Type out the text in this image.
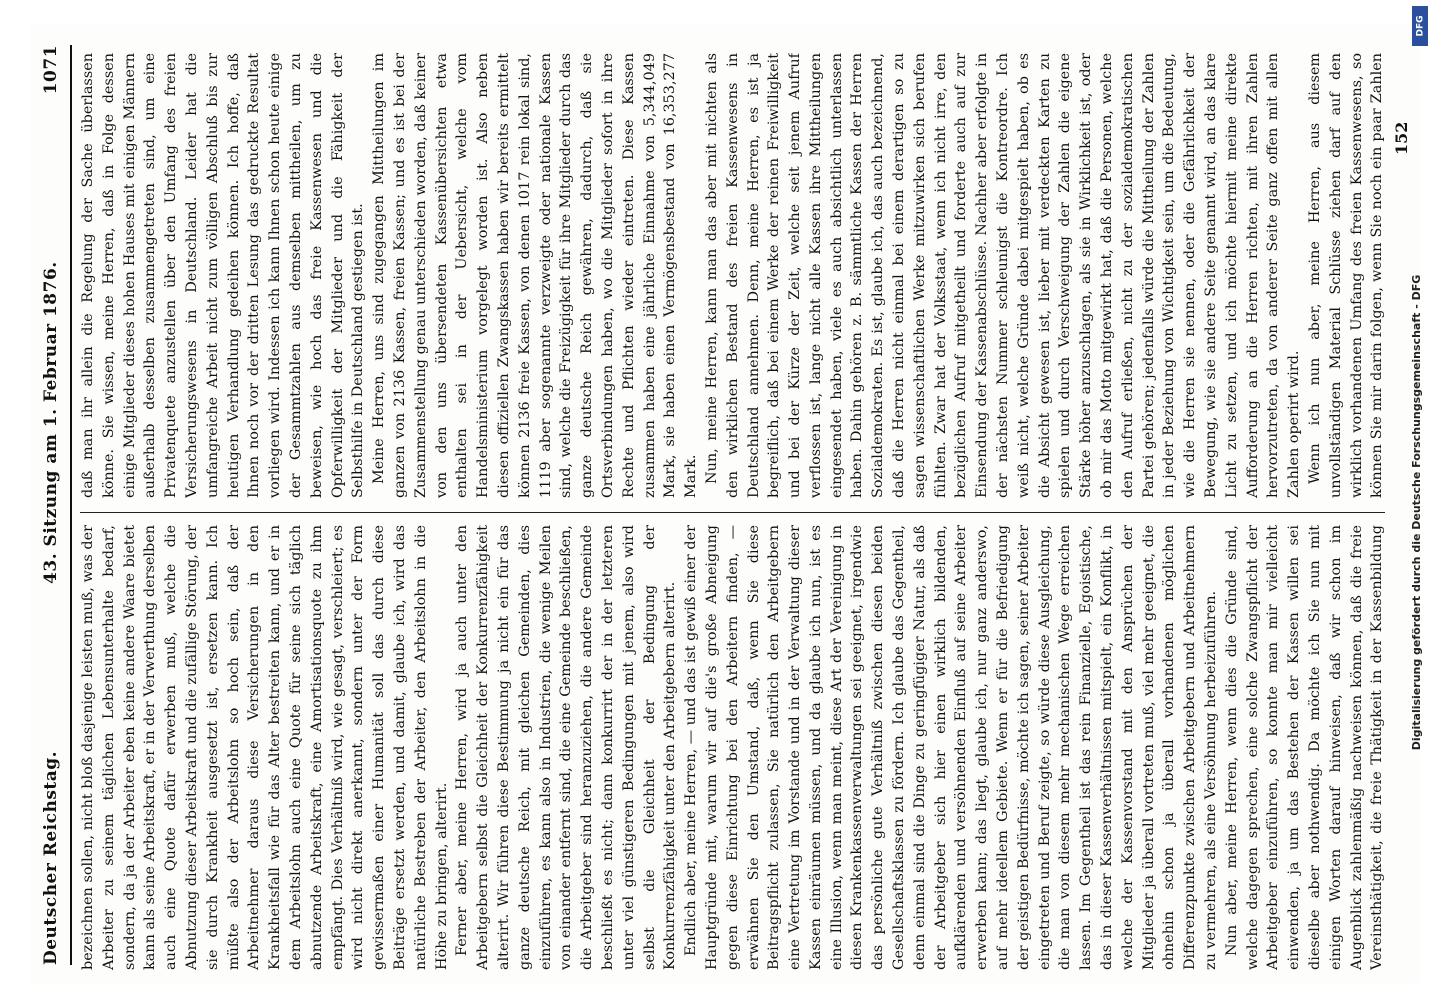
Deutscher Reichstag.
43. Sitzung am 1. Februar 1876.
1071

bezeichnen sollen, nicht bloß dasjenige leisten muß, was der Arbeiter zu seinem täglichen Lebensunterhalte bedarf, sondern, da ja der Arbeiter eben keine andere Waare bietet kann als seine Arbeitskraft, er in der Verwerthung derselben auch eine Quote dafür erwerben muß, welche die Abnutzung dieser Arbeitskraft und die zufällige Störung, der sie durch Krankheit ausgesetzt ist, ersetzen kann. Ich müßte also der Arbeitslohn so hoch sein, daß der Arbeitnehmer daraus diese Versicherungen in den Krankheitsfall wie für das Alter bestreiten kann, und er in dem Arbeitslohn auch eine Quote für seine sich täglich abnutzende Arbeitskraft, eine Amortisationsquote zu ihm empfängt. Dies Verhältniß wird, wie gesagt, verschleiert; es wird nicht direkt anerkannt, sondern unter der Form gewissermaßen einer Humanität soll das durch diese Beiträge ersetzt werden, und damit, glaube ich, wird das natürliche Bestreben der Arbeiter, den Arbeitslohn in die Höhe zu bringen, alterirt. Ferner aber, meine Herren, wird ja auch unter den Arbeitgebern selbst die Gleichheit der Konkurrenzfähigkeit alterirt. Wir führen diese Bestimmung ja nicht ein für das ganze deutsche Reich, mit gleichen Gemeinden, dies einzuführen, es kann also in Industrien, die wenige Meilen von einander entfernt sind, die eine Gemeinde beschließen, die Arbeitgeber sind heranzuziehen, die andere Gemeinde beschließt es nicht; dann konkurrirt der in der letzteren unter viel günstigeren Bedingungen mit jenem, also wird selbst die Gleichheit der Bedingung der Konkurrenzfähigkeit unter den Arbeitgebern alterirt. Endlich aber, meine Herren, — und das ist gewiß einer der Hauptgründe mit, warum wir auf die's große Abneigung gegen diese Einrichtung bei den Arbeitern finden, — erwähnen Sie den Umstand, daß, wenn Sie diese Beitragspflicht zulassen, Sie natürlich den Arbeitgebern eine Vertretung im Vorstande und in der Verwaltung dieser Kassen einräumen müssen, und da glaube ich nun, ist es eine Illusion, wenn man meint, diese Art der Vereinigung in diesen Krankenkassenverwaltungen sei geeignet, irgendwie das persönliche gute Verhältniß zwischen diesen beiden Gesellschaftsklassen zu fördern. Ich glaube das Gegentheil, denn einmal sind die Dinge zu geringfügiger Natur, als daß der Arbeitgeber sich hier einen wirklich bildenden, aufklärenden und versöhnenden Einfluß auf seine Arbeiter erwerben kann; das liegt, glaube ich, nur ganz anderswo, auf mehr ideellem Gebiete. Wenn er für die Befriedigung der geistigen Bedürfnisse, möchte ich sagen, seiner Arbeiter eingetreten und Beruf zeigte, so würde diese Ausgleichung, die man von diesem mehr mechanischen Wege erreichen lassen. Im Gegentheil ist das rein Finanzielle, Egoistische, das in dieser Kassenverhältnissen mitspielt, ein Konflikt, in welche der Kassenvorstand mit den Ansprüchen der Mitglieder ja überall vortreten muß, viel mehr geeignet, die ohnehin schon ja überall vorhandenen möglichen Differenzpunkte zwischen Arbeitgebern und Arbeitnehmern zu vermehren, als eine Versöhnung herbeizuführen. Nun aber, meine Herren, wenn dies die Gründe sind, welche dagegen sprechen, eine solche Zwangspflicht der Arbeitgeber einzuführen, so konnte man mir vielleicht einwenden, ja um das Bestehen der Kassen willen sei dieselbe aber nothwendig. Da möchte ich Sie nun mit einigen Worten darauf hinweisen, daß wir schon im Augenblick zahlenmäßig nachweisen können, daß die freie Vereinsthätigkeit, die freie Thätigkeit in der Kassenbildung

daß man ihr allein die Regelung der Sache überlassen könne. Sie wissen, meine Herren, daß in Folge dessen einige Mitglieder dieses hohen Hauses mit einigen Männern außerhalb desselben zusammengetreten sind, um eine Privatenquete anzustellen über den Umfang des freien Versicherungswesens in Deutschland. Leider hat die umfangreiche Arbeit nicht zum völligen Abschluß bis zur heutigen Verhandlung gedeihen können. Ich hoffe, daß Ihnen noch vor der dritten Lesung das gedruckte Resultat vorliegen wird. Indessen ich kann Ihnen schon heute einige der Gesammtzahlen aus demselben mittheilen, um zu beweisen, wie hoch das freie Kassenwesen und die Opferwilligkeit der Mitglieder und die Fähigkeit der Selbsthilfe in Deutschland gestiegen ist. Meine Herren, uns sind zugegangen Mittheilungen im ganzen von 2136 Kassen, freien Kassen; und es ist bei der Zusammenstellung genau unterschieden worden, daß keiner von den uns übersendeten Kassenübersichten etwa enthalten sei in der Uebersicht, welche vom Handelsministerium vorgelegt worden ist. Also neben diesen offiziellen Zwangskassen haben wir bereits ermittelt können 2136 freie Kassen, von denen 1017 rein lokal sind, 1119 aber sogenannte verzweigte oder nationale Kassen sind, welche die Freizügigkeit für ihre Mitglieder durch das ganze deutsche Reich gewähren, dadurch, daß sie Ortsverbindungen haben, wo die Mitglieder sofort in ihre Rechte und Pflichten wieder eintreten. Diese Kassen zusammen haben eine jährliche Einnahme von 5,344,049 Mark, sie haben einen Vermögensbestand von 16,353,277 Mark. Nun, meine Herren, kann man das aber mit nichten als den wirklichen Bestand des freien Kassenwesens in Deutschland annehmen. Denn, meine Herren, es ist ja begreiflich, daß bei einem Werke der reinen Freiwilligkeit und bei der Kürze der Zeit, welche seit jenem Aufruf verflossen ist, lange nicht alle Kassen ihre Mittheilungen eingesendet haben, viele es auch absichtlich unterlassen haben. Dahin gehören z. B. sämmtliche Kassen der Herren Sozialdemokraten. Es ist, glaube ich, das auch bezeichnend, daß die Herren nicht einmal bei einem derartigen so zu sagen wissenschaftlichen Werke mitzuwirken sich berufen fühlten. Zwar hat der Volksstaat, wenn ich nicht irre, den bezüglichen Aufruf mitgetheilt und forderte auch auf zur Einsendung der Kassenabschlüsse. Nachher aber erfolgte in der nächsten Nummer schleunigst die Kontreordre. Ich weiß nicht, welche Gründe dabei mitgespielt haben, ob es die Absicht gewesen ist, lieber mit verdeckten Karten zu spielen und durch Verschweigung der Zahlen die eigene Stärke höher anzuschlagen, als sie in Wirklichkeit ist, oder ob mir das Motto mitgewirkt hat, daß die Personen, welche den Aufruf erließen, nicht zu der sozialdemokratischen Partei gehören; jedenfalls würde die Mittheilung der Zahlen in jeder Beziehung von Wichtigkeit sein, um die Bedeutung, wie die Herren sie nennen, oder die Gefährlichkeit der Bewegung, wie sie andere Seite genannt wird, an das klare Licht zu setzen, und ich möchte hiermit meine direkte Aufforderung an die Herren richten, mit ihren Zahlen hervorzutreten, da von anderer Seite ganz offen mit allen Zahlen operirt wird. Wenn ich nun aber, meine Herren, aus diesem unvollständigen Material Schlüsse ziehen darf auf den wirklich vorhandenen Umfang des freien Kassenwesens, so können Sie mir darin folgen, wenn Sie noch ein paar Zahlen

152
Digitalisierung gefördert durch die Deutsche Forschungsgemeinschaft - DFG
DFG
